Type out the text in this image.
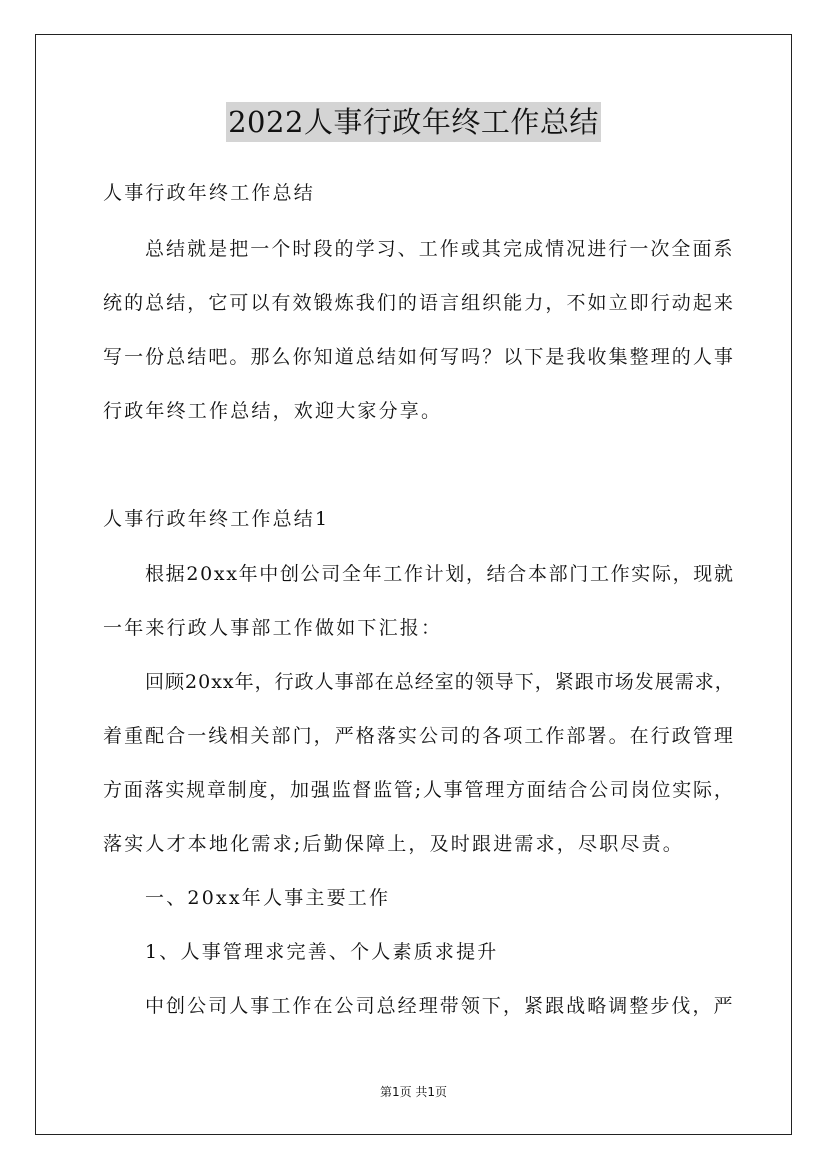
2022人事行政年终工作总结
人事行政年终工作总结
总结就是把一个时段的学习、工作或其完成情况进行一次全面系
统的总结，它可以有效锻炼我们的语言组织能力，不如立即行动起来
写一份总结吧。那么你知道总结如何写吗？以下是我收集整理的人事
行政年终工作总结，欢迎大家分享。
人事行政年终工作总结1
根据20xx年中创公司全年工作计划，结合本部门工作实际，现就
一年来行政人事部工作做如下汇报：
回顾20xx年，行政人事部在总经室的领导下，紧跟市场发展需求，
着重配合一线相关部门，严格落实公司的各项工作部署。在行政管理
方面落实规章制度，加强监督监管;人事管理方面结合公司岗位实际，
落实人才本地化需求;后勤保障上，及时跟进需求，尽职尽责。
一、20xx年人事主要工作
1、人事管理求完善、个人素质求提升
中创公司人事工作在公司总经理带领下，紧跟战略调整步伐，严
第1页 共1页
